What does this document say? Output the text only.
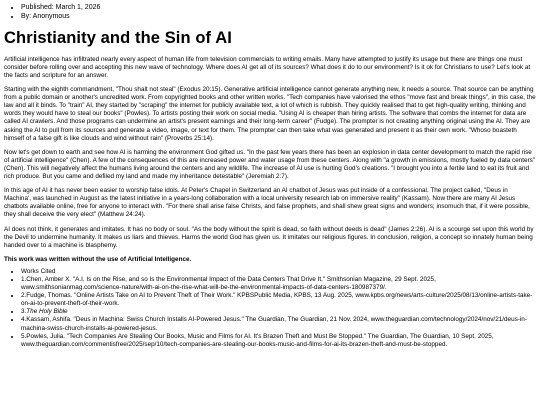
• Published: March 1, 2026
• By: Anonymous
Christianity and the Sin of AI

Artificial intelligence has infiltrated nearly every aspect of human life from television commercials to writing emails. Many have attempted to justify its usage but there are things one must consider before rolling over and accepting this new wave of technology. Where does AI get all of its sources? What does it do to our environment? Is it ok for Christians to use? Let's look at the facts and scripture for an answer.

Starting with the eighth commandment, "Thou shalt not steal" (Exodus 20:15). Generative artificial intelligence cannot generate anything new, it needs a source. That source can be anything from a public domain or another's uncredited work. From copyrighted books and other written works. "Tech companies have valorised the ethos "move fast and break things", in this case, the law and all it binds. To "train" AI, they started by "scraping" the internet for publicly available text, a lot of which is rubbish. They quickly realised that to get high-quality writing, thinking and words they would have to steal our books" (Powles). To artists posting their work on social media. "Using AI is cheaper than hiring artists. The software that combs the internet for data are called AI crawlers. And those programs can undermine an artist's present earnings and their long-term career" (Fudge). The prompter is not creating anything original using the AI. They are asking the AI to pull from its sources and generate a video, image, or text for them. The prompter can then take what was generated and present it as their own work. "Whoso boasteth himself of a false gift is like clouds and wind without rain" (Proverbs 25:14).

Now let's get down to earth and see how AI is harming the environment God gifted us. "In the past few years there has been an explosion in data center development to match the rapid rise of artificial intelligence" (Chen). A few of the consequences of this are increased power and water usage from these centers. Along with "a growth in emissions, mostly fueled by data centers" (Chen). This will negatively affect the humans living around the centers and any wildlife. The increase of AI use is hurting God's creations. "I brought you into a fertile land to eat its fruit and rich produce. But you came and defiled my land and made my inheritance detestable" (Jeremiah 2:7).

In this age of AI it has never been easier to worship false idols. At Peter's Chapel in Switzerland an AI chatbot of Jesus was put inside of a confessional. The project called, "Deus in Machina', was launched in August as the latest initiative in a years-long collaboration with a local university research lab on immersive reality" (Kassam). Now there are many AI Jesus chatbots available online, free for anyone to interact with. "For there shall arise false Christs, and false prophets, and shall shew great signs and wonders; insomuch that, if it were possible, they shall deceive the very elect" (Matthew 24:24).

AI does not think, it generates and imitates. It has no body or soul. "As the body without the spirit is dead, so faith without deeds is dead" (James 2:26). AI is a scourge set upon this world by the Devil to undermine humanity. It makes us liars and thieves. Harms the world God has given us. It imitates our religious figures. In conclusion, religion, a concept so innately human being handed over to a machine is blasphemy.

This work was written without the use of Artificial Intelligence.

• Works Cited
• 1.Chen, Amber X. "A.I. Is on the Rise, and so Is the Environmental Impact of the Data Centers That Drive It." Smithsonian Magazine, 29 Sept. 2025, www.smithsonianmag.com/science-nature/with-ai-on-the-rise-what-will-be-the-environmental-impacts-of-data-centers-180987379/.
• 2.Fudge, Thomas. "Online Artists Take on AI to Prevent Theft of Their Work." KPBSPublic Media, KPBS, 13 Aug. 2025, www.kpbs.org/news/arts-culture/2025/08/13/online-artists-take-on-ai-to-prevent-theft-of-their-work.
• 3.The Holy Bible
• 4.Kassam, Ashifa. "Deus in Machina: Swiss Church Installs AI-Powered Jesus." The Guardian, The Guardian, 21 Nov. 2024, www.theguardian.com/technology/2024/nov/21/deus-in-machina-swiss-church-installs-ai-powered-jesus.
• 5.Powles, Julia. "Tech Companies Are Stealing Our Books, Music and Films for AI. It's Brazen Theft and Must Be Stopped." The Guardian, The Guardian, 10 Sept. 2025, www.theguardian.com/commentisfree/2025/sep/10/tech-companies-are-stealing-our-books-music-and-films-for-ai-its-brazen-theft-and-must-be-stopped.
